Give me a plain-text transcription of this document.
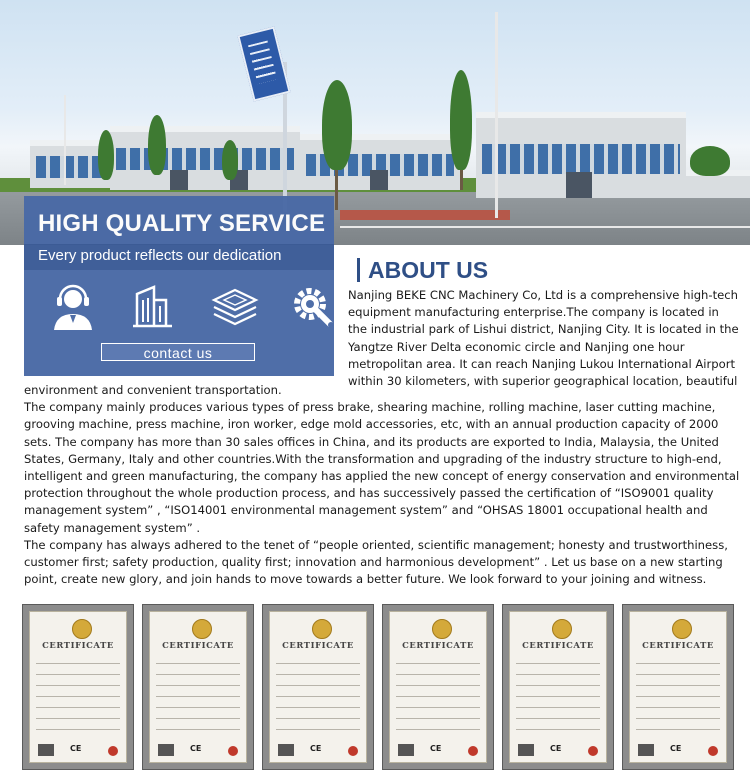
HIGH QUALITY SERVICE
Every product reflects our dedication
contact us
ABOUT US

Nanjing BEKE CNC Machinery Co, Ltd is a comprehensive high-tech equipment manufacturing enterprise.The company is located in the industrial park of Lishui district, Nanjing City. It is located in the Yangtze River Delta economic circle and Nanjing one hour metropolitan area. It can reach Nanjing Lukou International Airport within 30 kilometers, with superior geographical location, beautiful

environment and convenient transportation.

The company mainly produces various types of press brake, shearing machine, rolling machine, laser cutting machine, grooving machine, press machine, iron worker, edge mold accessories, etc, with an annual production capacity of 2000 sets. The company has more than 30 sales offices in China, and its products are exported to India, Malaysia, the United States, Germany, Italy and other countries.With the transformation and upgrading of the industry structure to high-end, intelligent and green manufacturing, the company has applied the new concept of energy conservation and environmental protection throughout the whole production process, and has successively passed the certification of “ISO9001 quality management system” , “ISO14001 environmental management system” and “OHSAS 18001 occupational health and safety management system” .

The company has always adhered to the tenet of “people oriented, scientific management; honesty and trustworthiness, customer first; safety production, quality first; innovation and harmonious development” . Let us base on a new starting point, create new glory, and join hands to move towards a better future. We look forward to your joining and witness.

CERTIFICATE
CE
CERTIFICATE
CE
CERTIFICATE
CE
CERTIFICATE
CE
CERTIFICATE
CE
CERTIFICATE
CE
